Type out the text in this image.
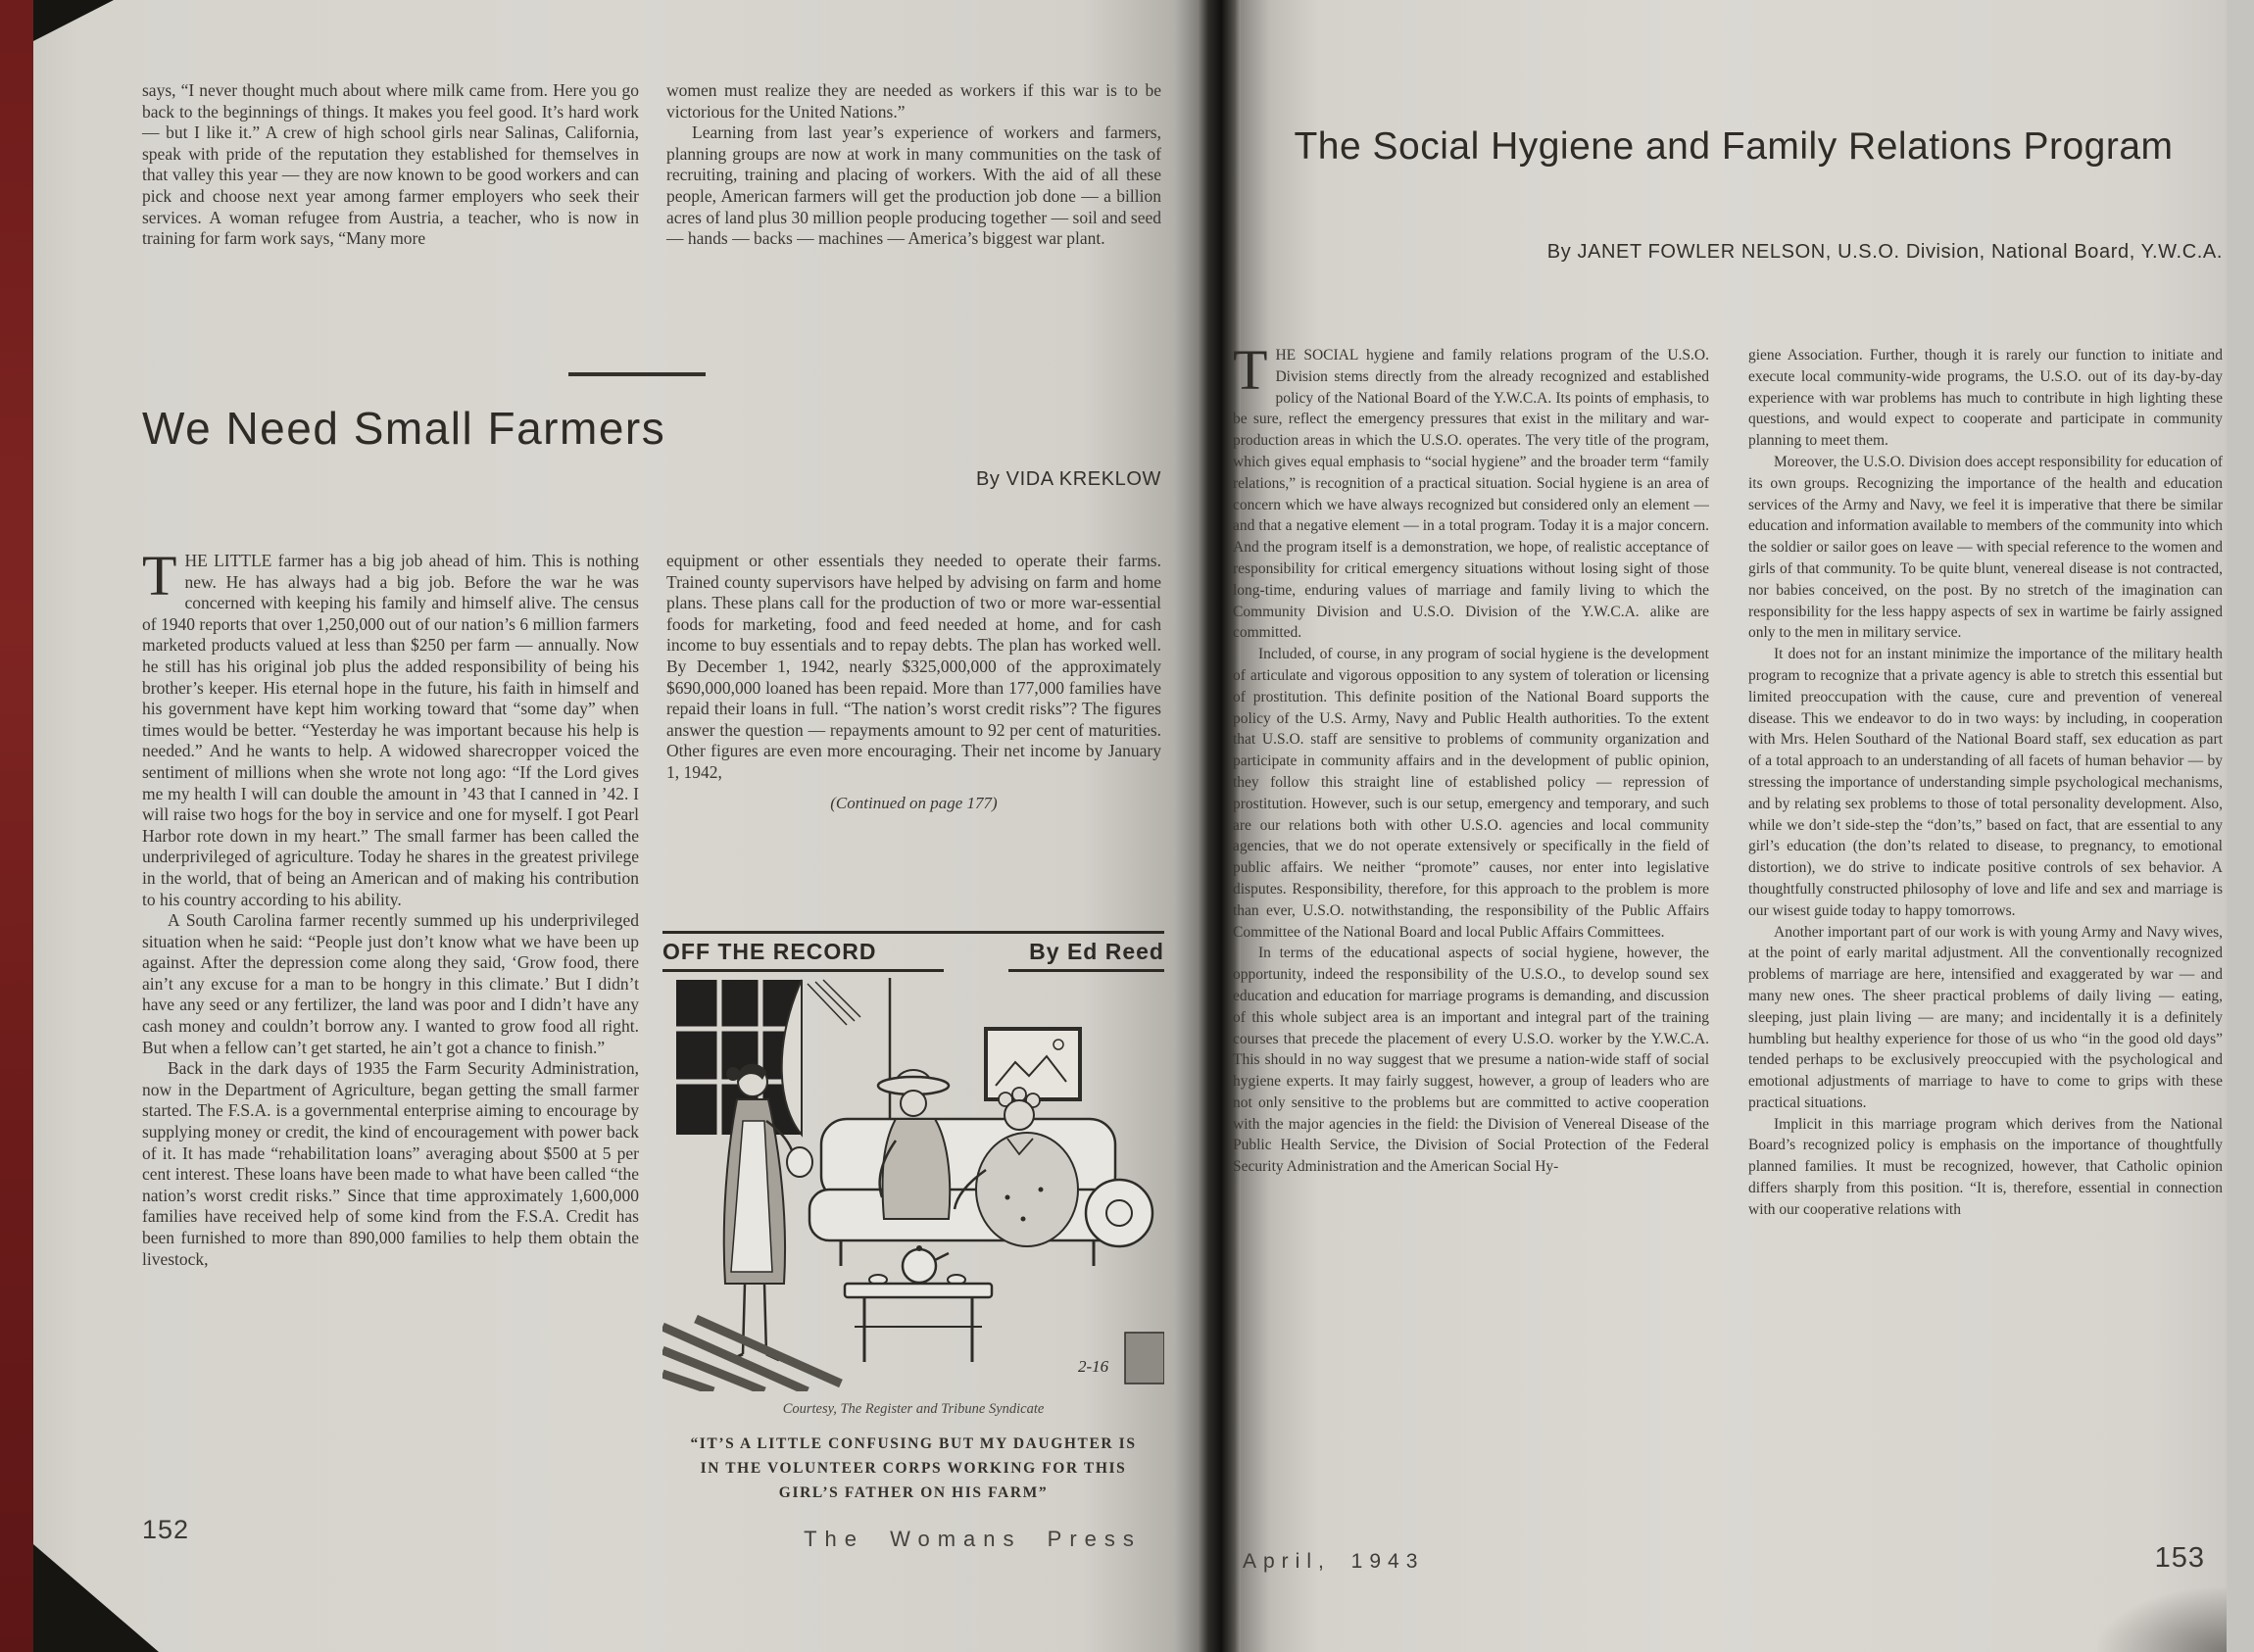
says, “I never thought much about where milk came from. Here you go back to the beginnings of things. It makes you feel good. It’s hard work — but I like it.” A crew of high school girls near Salinas, California, speak with pride of the reputation they established for themselves in that valley this year — they are now known to be good workers and can pick and choose next year among farmer employers who seek their services. A woman refugee from Austria, a teacher, who is now in training for farm work says, “Many more

women must realize they are needed as workers if this war is to be victorious for the United Nations.”

Learning from last year’s experience of workers and farmers, planning groups are now at work in many communities on the task of recruiting, training and placing of workers. With the aid of all these people, American farmers will get the production job done — a billion acres of land plus 30 million people producing together — soil and seed — hands — backs — machines — America’s biggest war plant.

We Need Small Farmers
By VIDA KREKLOW

THE LITTLE farmer has a big job ahead of him. This is nothing new. He has always had a big job. Before the war he was concerned with keeping his family and himself alive. The census of 1940 reports that over 1,250,000 out of our nation’s 6 million farmers marketed products valued at less than $250 per farm — annually. Now he still has his original job plus the added responsibility of being his brother’s keeper. His eternal hope in the future, his faith in himself and his government have kept him working toward that “some day” when times would be better. “Yesterday he was important because his help is needed.” And he wants to help. A widowed sharecropper voiced the sentiment of millions when she wrote not long ago: “If the Lord gives me my health I will can double the amount in ’43 that I canned in ’42. I will raise two hogs for the boy in service and one for myself. I got Pearl Harbor rote down in my heart.” The small farmer has been called the underprivileged of agriculture. Today he shares in the greatest privilege in the world, that of being an American and of making his contribution to his country according to his ability.

A South Carolina farmer recently summed up his underprivileged situation when he said: “People just don’t know what we have been up against. After the depression come along they said, ‘Grow food, there ain’t any excuse for a man to be hongry in this climate.’ But I didn’t have any seed or any fertilizer, the land was poor and I didn’t have any cash money and couldn’t borrow any. I wanted to grow food all right. But when a fellow can’t get started, he ain’t got a chance to finish.”

Back in the dark days of 1935 the Farm Security Administration, now in the Department of Agriculture, began getting the small farmer started. The F.S.A. is a governmental enterprise aiming to encourage by supplying money or credit, the kind of encouragement with power back of it. It has made “rehabilitation loans” averaging about $500 at 5 per cent interest. These loans have been made to what have been called “the nation’s worst credit risks.” Since that time approximately 1,600,000 families have received help of some kind from the F.S.A. Credit has been furnished to more than 890,000 families to help them obtain the livestock,

equipment or other essentials they needed to operate their farms. Trained county supervisors have helped by advising on farm and home plans. These plans call for the production of two or more war-essential foods for marketing, food and feed needed at home, and for cash income to buy essentials and to repay debts. The plan has worked well. By December 1, 1942, nearly $325,000,000 of the approximately $690,000,000 loaned has been repaid. More than 177,000 families have repaid their loans in full. “The nation’s worst credit risks”? The figures answer the question — repayments amount to 92 per cent of maturities. Other figures are even more encouraging. Their net income by January 1, 1942,

(Continued on page 177)

OFF THE RECORD	By Ed Reed
2-16
Courtesy, The Register and Tribune Syndicate
“IT’S A LITTLE CONFUSING BUT MY DAUGHTER IS IN THE VOLUNTEER CORPS WORKING FOR THIS GIRL’S FATHER ON HIS FARM”
152	The Womans Press
The Social Hygiene and Family Relations Program
By JANET FOWLER NELSON, U.S.O. Division, National Board, Y.W.C.A.

THE SOCIAL hygiene and family relations program of the U.S.O. Division stems directly from the already recognized and established policy of the National Board of the Y.W.C.A. Its points of emphasis, to be sure, reflect the emergency pressures that exist in the military and war-production areas in which the U.S.O. operates. The very title of the program, which gives equal emphasis to “social hygiene” and the broader term “family relations,” is recognition of a practical situation. Social hygiene is an area of concern which we have always recognized but considered only an element — and that a negative element — in a total program. Today it is a major concern. And the program itself is a demonstration, we hope, of realistic acceptance of responsibility for critical emergency situations without losing sight of those long-time, enduring values of marriage and family living to which the Community Division and U.S.O. Division of the Y.W.C.A. alike are committed.

Included, of course, in any program of social hygiene is the development of articulate and vigorous opposition to any system of toleration or licensing of prostitution. This definite position of the National Board supports the policy of the U.S. Army, Navy and Public Health authorities. To the extent that U.S.O. staff are sensitive to problems of community organization and participate in community affairs and in the development of public opinion, they follow this straight line of established policy — repression of prostitution. However, such is our setup, emergency and temporary, and such are our relations both with other U.S.O. agencies and local community agencies, that we do not operate extensively or specifically in the field of public affairs. We neither “promote” causes, nor enter into legislative disputes. Responsibility, therefore, for this approach to the problem is more than ever, U.S.O. notwithstanding, the responsibility of the Public Affairs Committee of the National Board and local Public Affairs Committees.

In terms of the educational aspects of social hygiene, however, the opportunity, indeed the responsibility of the U.S.O., to develop sound sex education and education for marriage programs is demanding, and discussion of this whole subject area is an important and integral part of the training courses that precede the placement of every U.S.O. worker by the Y.W.C.A. This should in no way suggest that we presume a nation-wide staff of social hygiene experts. It may fairly suggest, however, a group of leaders who are not only sensitive to the problems but are committed to active cooperation with the major agencies in the field: the Division of Venereal Disease of the Public Health Service, the Division of Social Protection of the Federal Security Administration and the American Social Hy-

giene Association. Further, though it is rarely our function to initiate and execute local community-wide programs, the U.S.O. out of its day-by-day experience with war problems has much to contribute in high lighting these questions, and would expect to cooperate and participate in community planning to meet them.

Moreover, the U.S.O. Division does accept responsibility for education of its own groups. Recognizing the importance of the health and education services of the Army and Navy, we feel it is imperative that there be similar education and information available to members of the community into which the soldier or sailor goes on leave — with special reference to the women and girls of that community. To be quite blunt, venereal disease is not contracted, nor babies conceived, on the post. By no stretch of the imagination can responsibility for the less happy aspects of sex in wartime be fairly assigned only to the men in military service.

It does not for an instant minimize the importance of the military health program to recognize that a private agency is able to stretch this essential but limited preoccupation with the cause, cure and prevention of venereal disease. This we endeavor to do in two ways: by including, in cooperation with Mrs. Helen Southard of the National Board staff, sex education as part of a total approach to an understanding of all facets of human behavior — by stressing the importance of understanding simple psychological mechanisms, and by relating sex problems to those of total personality development. Also, while we don’t side-step the “don’ts,” based on fact, that are essential to any girl’s education (the don’ts related to disease, to pregnancy, to emotional distortion), we do strive to indicate positive controls of sex behavior. A thoughtfully constructed philosophy of love and life and sex and marriage is our wisest guide today to happy tomorrows.

Another important part of our work is with young Army and Navy wives, at the point of early marital adjustment. All the conventionally recognized problems of marriage are here, intensified and exaggerated by war — and many new ones. The sheer practical problems of daily living — eating, sleeping, just plain living — are many; and incidentally it is a definitely humbling but healthy experience for those of us who “in the good old days” tended perhaps to be exclusively preoccupied with the psychological and emotional adjustments of marriage to have to come to grips with these practical situations.

Implicit in this marriage program which derives from the National Board’s recognized policy is emphasis on the importance of thoughtfully planned families. It must be recognized, however, that Catholic opinion differs sharply from this position. “It is, therefore, essential in connection with our cooperative relations with

April, 1943	153
